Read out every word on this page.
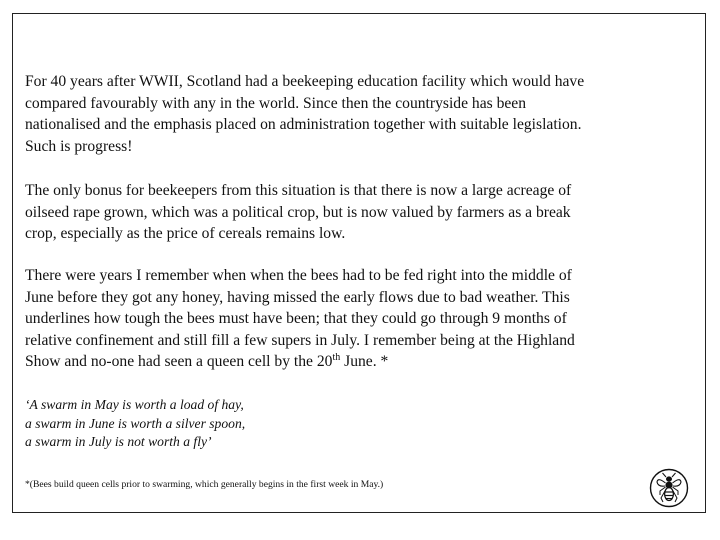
For 40 years after WWII, Scotland had a beekeeping education facility which would have
compared favourably with any in the world. Since then the countryside has been
nationalised and the emphasis placed on administration together with suitable legislation.
Such is progress!

The only bonus for beekeepers from this situation is that there is now a large acreage of
oilseed rape grown, which was a political crop, but is now valued by farmers as a break
crop, especially as the price of cereals remains low.

There were years I remember when when the bees had to be fed right into the middle of
June before they got any honey, having missed the early flows due to bad weather. This
underlines how tough the bees must have been; that they could go through 9 months of
relative confinement and still fill a few supers in July. I remember being at the Highland
Show and no-one had seen a queen cell by the 20th June. *

‘A swarm in May is worth a load of hay,
a swarm in June is worth a silver spoon,
a swarm in July is not worth a fly’

*(Bees build queen cells prior to swarming, which generally begins in the first week in May.)
